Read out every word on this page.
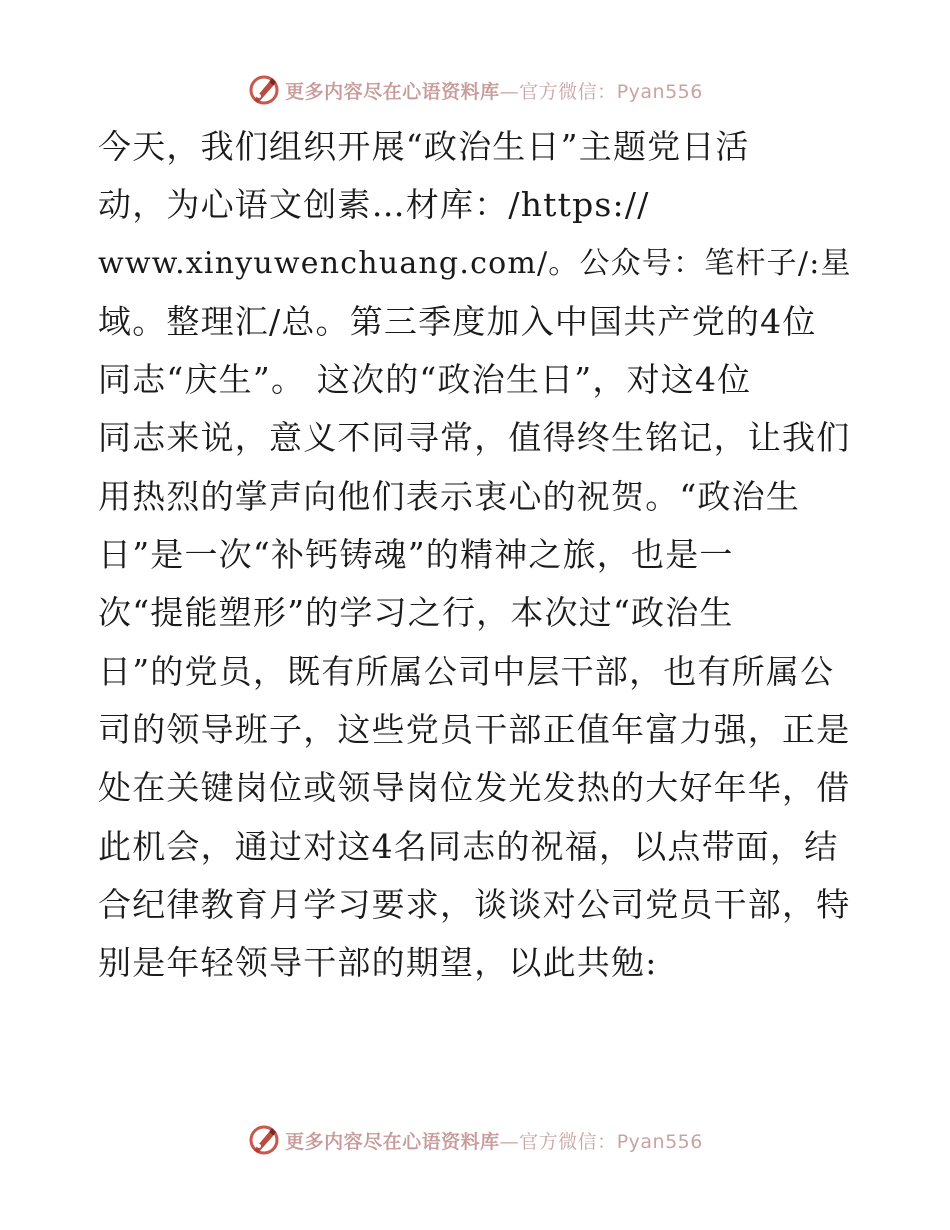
更多内容尽在心语资料库—官方微信：Pyan556
今天，我们组织开展“政治生日”主题党日活
动，为心语文创素…材库：/https://
www.xinyuwenchuang.com/。公众号：笔杆子/:星
域。整理汇/总。第三季度加入中国共产党的4位
同志“庆生”。 这次的“政治生日”，对这4位
同志来说，意义不同寻常，值得终生铭记，让我们
用热烈的掌声向他们表示衷心的祝贺。“政治生
日”是一次“补钙铸魂”的精神之旅，也是一
次“提能塑形”的学习之行，本次过“政治生
日”的党员，既有所属公司中层干部，也有所属公
司的领导班子，这些党员干部正值年富力强，正是
处在关键岗位或领导岗位发光发热的大好年华，借
此机会，通过对这4名同志的祝福，以点带面，结
合纪律教育月学习要求，谈谈对公司党员干部，特
别是年轻领导干部的期望，以此共勉:
更多内容尽在心语资料库—官方微信：Pyan556
